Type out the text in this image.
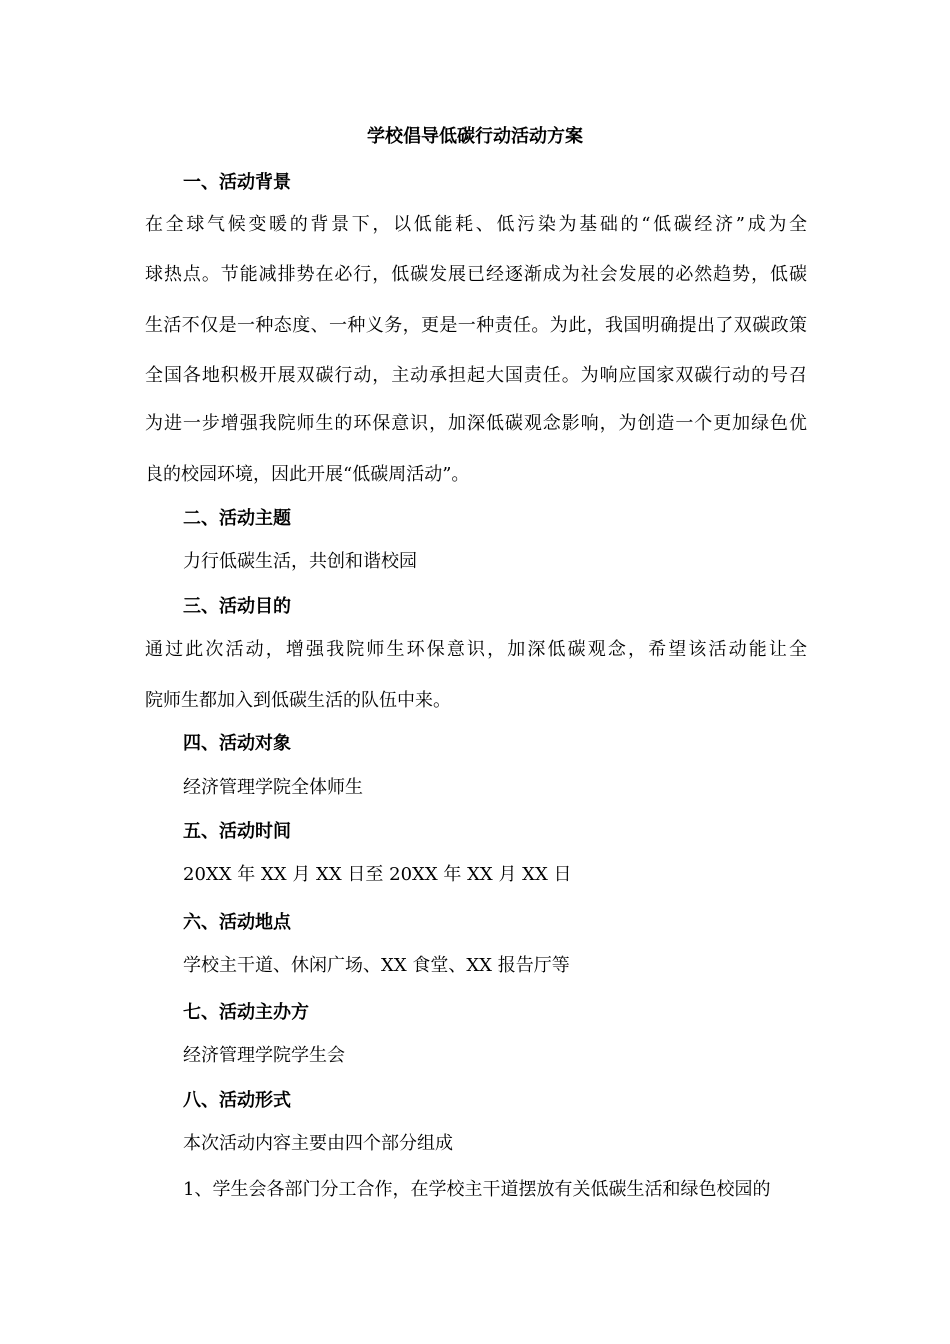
学校倡导低碳行动活动方案
一、活动背景
在全球气候变暖的背景下，以低能耗、低污染为基础的“低碳经济”成为全
球热点。节能减排势在必行，低碳发展已经逐渐成为社会发展的必然趋势，低碳
生活不仅是一种态度、一种义务，更是一种责任。为此，我国明确提出了双碳政策
全国各地积极开展双碳行动，主动承担起大国责任。为响应国家双碳行动的号召
为进一步增强我院师生的环保意识，加深低碳观念影响，为创造一个更加绿色优
良的校园环境，因此开展“低碳周活动”。
二、活动主题
力行低碳生活，共创和谐校园
三、活动目的
通过此次活动，增强我院师生环保意识，加深低碳观念，希望该活动能让全
院师生都加入到低碳生活的队伍中来。
四、活动对象
经济管理学院全体师生
五、活动时间
20XX 年 XX 月 XX 日至 20XX 年 XX 月 XX 日
六、活动地点
学校主干道、休闲广场、XX 食堂、XX 报告厅等
七、活动主办方
经济管理学院学生会
八、活动形式
本次活动内容主要由四个部分组成
1、学生会各部门分工合作，在学校主干道摆放有关低碳生活和绿色校园的
